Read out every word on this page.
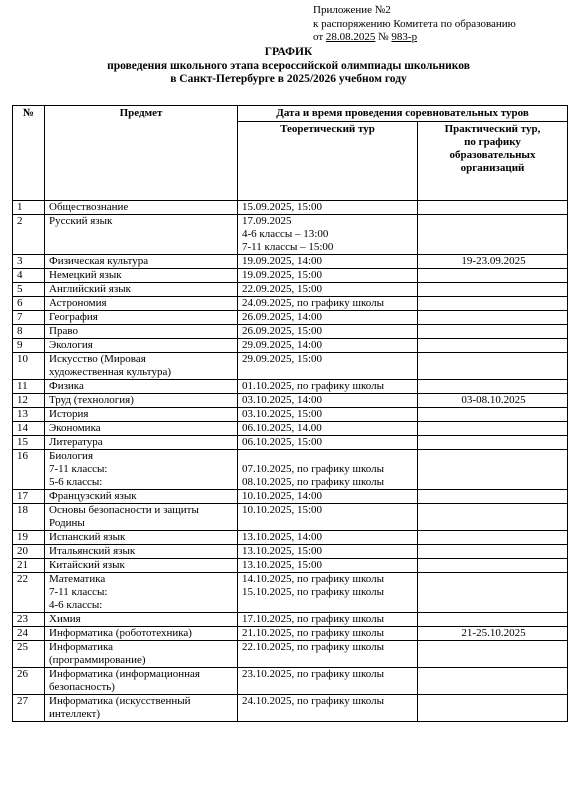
Приложение №2
к распоряжению Комитета по образованию
от 28.08.2025 № 983-р
ГРАФИК
проведения школьного этапа всероссийской олимпиады школьников
в Санкт-Петербурге в 2025/2026 учебном году
№	Предмет	Дата и время проведения соревновательных туров	
		Теоретический тур	Практический тур,
по графику
образовательных
организаций

1	Обществознание	15.09.2025, 15:00	

2	Русский язык	17.09.2025
4-6 классы – 13:00
7-11 классы – 15:00	

3	Физическая культура	19.09.2025, 14:00	19-23.09.2025
4	Немецкий язык	19.09.2025, 15:00	

5	Английский язык	22.09.2025, 15:00	

6	Астрономия	24.09.2025, по графику школы	

7	География	26.09.2025, 14:00	

8	Право	26.09.2025, 15:00	

9	Экология	29.09.2025, 14:00	

10	Искусство (Мировая
художественная культура)	29.09.2025, 15:00	

11	Физика	01.10.2025, по графику школы	

12	Труд (технология)	03.10.2025, 14:00	03-08.10.2025
13	История	03.10.2025, 15:00	

14	Экономика	06.10.2025, 14.00	

15	Литература	06.10.2025, 15:00	

16	Биология
7-11 классы:
5-6 классы:	07.10.2025, по графику школы
08.10.2025, по графику школы	

17	Французский язык	10.10.2025, 14:00	

18	Основы безопасности и защиты
Родины	10.10.2025, 15:00	

19	Испанский язык	13.10.2025, 14:00	

20	Итальянский язык	13.10.2025, 15:00	

21	Китайский язык	13.10.2025, 15:00	

22	Математика
7-11 классы:
4-6 классы:	14.10.2025, по графику школы
15.10.2025, по графику школы	

23	Химия	17.10.2025, по графику школы	

24	Информатика (робототехника)	21.10.2025, по графику школы	21-25.10.2025
25	Информатика
(программирование)	22.10.2025, по графику школы	

26	Информатика (информационная
безопасность)	23.10.2025, по графику школы	

27	Информатика (искусственный
интеллект)	24.10.2025, по графику школы	
